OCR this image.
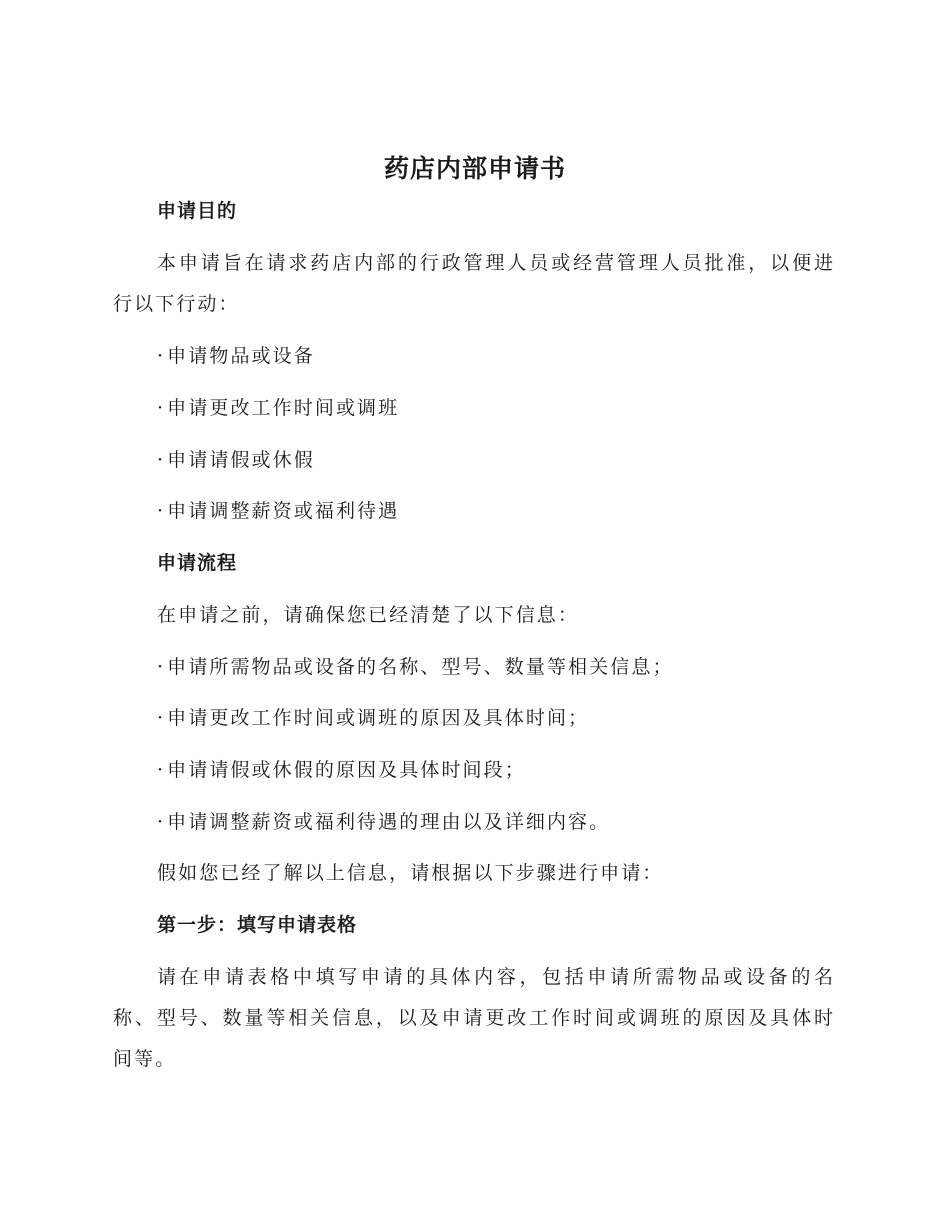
药店内部申请书
申请目的
本申请旨在请求药店内部的行政管理人员或经营管理人员批准，以便进
行以下行动：
· 申请物品或设备
· 申请更改工作时间或调班
· 申请请假或休假
· 申请调整薪资或福利待遇
申请流程
在申请之前，请确保您已经清楚了以下信息：
· 申请所需物品或设备的名称、型号、数量等相关信息；
· 申请更改工作时间或调班的原因及具体时间；
· 申请请假或休假的原因及具体时间段；
· 申请调整薪资或福利待遇的理由以及详细内容。
假如您已经了解以上信息，请根据以下步骤进行申请：
第一步：填写申请表格
请在申请表格中填写申请的具体内容，包括申请所需物品或设备的名
称、型号、数量等相关信息，以及申请更改工作时间或调班的原因及具体时
间等。
